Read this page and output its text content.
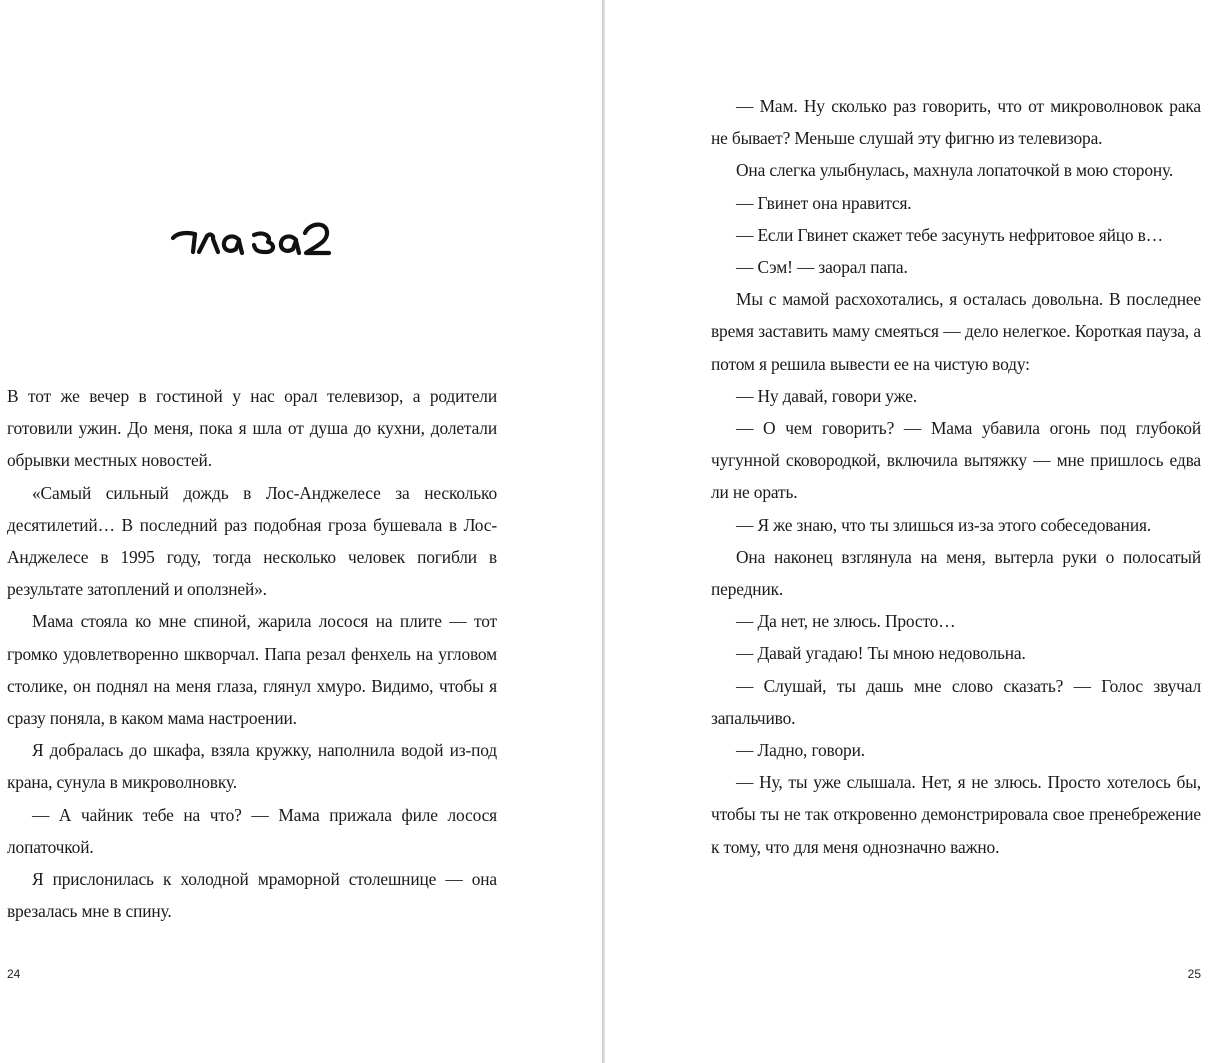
В тот же вечер в гостиной у нас орал телевизор, а родители готовили ужин. До меня, пока я шла от душа до кухни, долетали обрывки местных новостей.

«Самый сильный дождь в Лос-Анджелесе за несколько десятилетий… В последний раз подобная гроза бушевала в Лос-Анджелесе в 1995 году, тогда несколько человек погибли в результате затоплений и оползней».

Мама стояла ко мне спиной, жарила лосося на плите — тот громко удовлетворенно шкворчал. Папа резал фенхель на угловом столике, он поднял на меня глаза, глянул хмуро. Видимо, чтобы я сразу поняла, в каком мама настроении.

Я добралась до шкафа, взяла кружку, наполнила водой из-под крана, сунула в микроволновку.

— А чайник тебе на что? — Мама прижала филе лосося лопаточкой.

Я прислонилась к холодной мраморной столешнице — она врезалась мне в спину.

24

— Мам. Ну сколько раз говорить, что от микроволновок рака не бывает? Меньше слушай эту фигню из телевизора.

Она слегка улыбнулась, махнула лопаточкой в мою сторону.

— Гвинет она нравится.

— Если Гвинет скажет тебе засунуть нефритовое яйцо в…

— Сэм! — заорал папа.

Мы с мамой расхохотались, я осталась довольна. В последнее время заставить маму смеяться — дело нелегкое. Короткая пауза, а потом я решила вывести ее на чистую воду:

— Ну давай, говори уже.

— О чем говорить? — Мама убавила огонь под глубокой чугунной сковородкой, включила вытяжку — мне пришлось едва ли не орать.

— Я же знаю, что ты злишься из-за этого собеседования.

Она наконец взглянула на меня, вытерла руки о полосатый передник.

— Да нет, не злюсь. Просто…

— Давай угадаю! Ты мною недовольна.

— Слушай, ты дашь мне слово сказать? — Голос звучал запальчиво.

— Ладно, говори.

— Ну, ты уже слышала. Нет, я не злюсь. Просто хотелось бы, чтобы ты не так откровенно демонстрировала свое пренебрежение к тому, что для меня однозначно важно.

25
